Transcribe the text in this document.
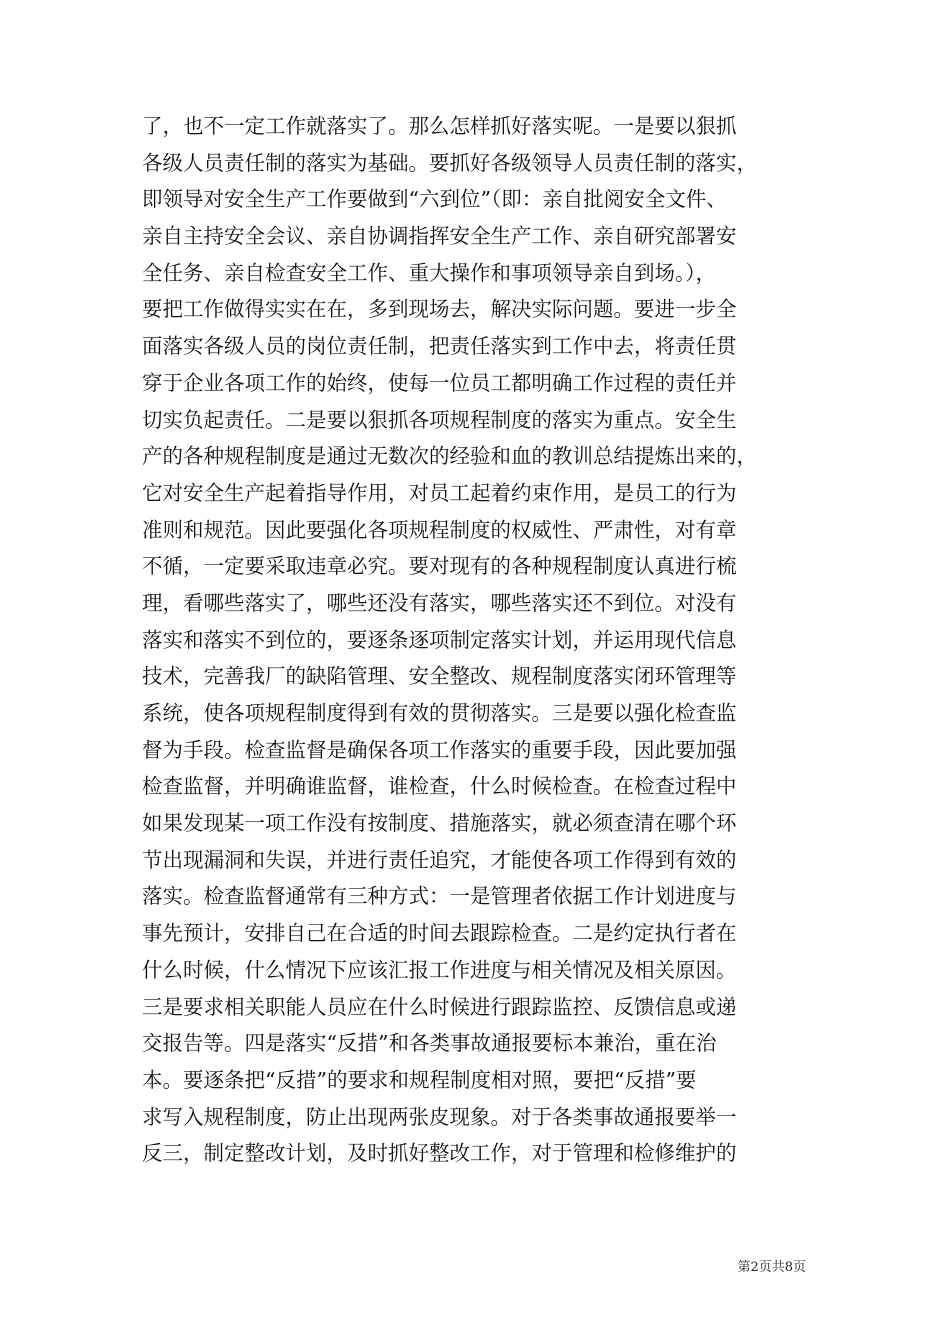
了，也不一定工作就落实了。那么怎样抓好落实呢。一是要以狠抓
各级人员责任制的落实为基础。要抓好各级领导人员责任制的落实，
即领导对安全生产工作要做到“六到位”（即：亲自批阅安全文件、
亲自主持安全会议、亲自协调指挥安全生产工作、亲自研究部署安
全任务、亲自检查安全工作、重大操作和事项领导亲自到场。），
要把工作做得实实在在，多到现场去，解决实际问题。要进一步全
面落实各级人员的岗位责任制，把责任落实到工作中去，将责任贯
穿于企业各项工作的始终，使每一位员工都明确工作过程的责任并
切实负起责任。二是要以狠抓各项规程制度的落实为重点。安全生
产的各种规程制度是通过无数次的经验和血的教训总结提炼出来的，
它对安全生产起着指导作用，对员工起着约束作用，是员工的行为
准则和规范。因此要强化各项规程制度的权威性、严肃性，对有章
不循，一定要采取违章必究。要对现有的各种规程制度认真进行梳
理，看哪些落实了，哪些还没有落实，哪些落实还不到位。对没有
落实和落实不到位的，要逐条逐项制定落实计划，并运用现代信息
技术，完善我厂的缺陷管理、安全整改、规程制度落实闭环管理等
系统，使各项规程制度得到有效的贯彻落实。三是要以强化检查监
督为手段。检查监督是确保各项工作落实的重要手段，因此要加强
检查监督，并明确谁监督，谁检查，什么时候检查。在检查过程中
如果发现某一项工作没有按制度、措施落实，就必须查清在哪个环
节出现漏洞和失误，并进行责任追究，才能使各项工作得到有效的
落实。检查监督通常有三种方式：一是管理者依据工作计划进度与
事先预计，安排自己在合适的时间去跟踪检查。二是约定执行者在
什么时候，什么情况下应该汇报工作进度与相关情况及相关原因。
三是要求相关职能人员应在什么时候进行跟踪监控、反馈信息或递
交报告等。四是落实“反措”和各类事故通报要标本兼治，重在治
本。要逐条把“反措”的要求和规程制度相对照，要把“反措”要
求写入规程制度，防止出现两张皮现象。对于各类事故通报要举一
反三，制定整改计划，及时抓好整改工作，对于管理和检修维护的
第2页共8页
